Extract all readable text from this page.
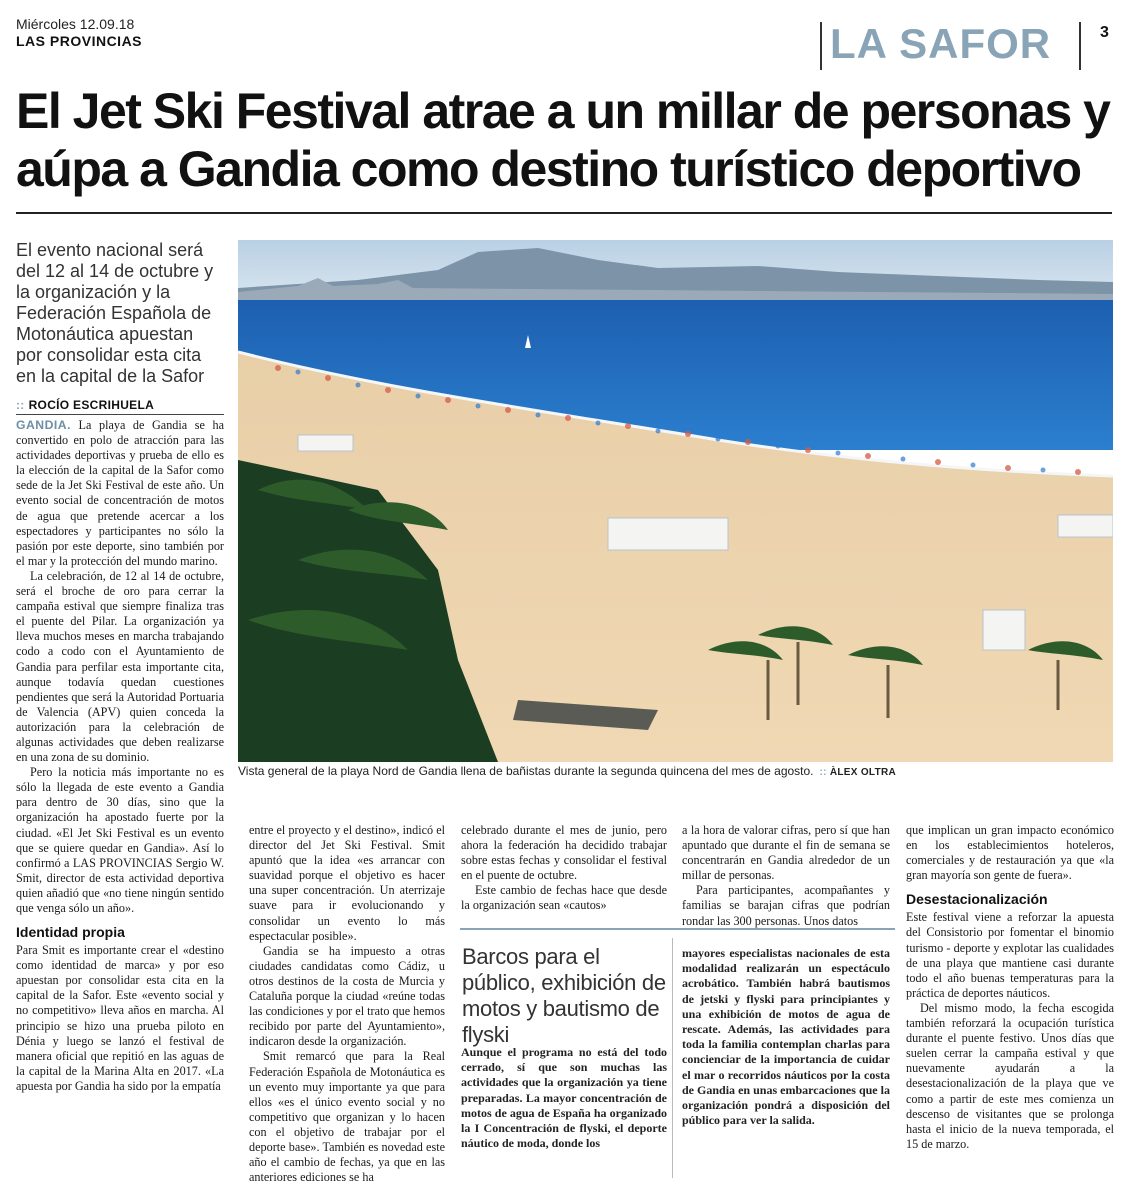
Miércoles 12.09.18
LAS PROVINCIAS	LA SAFOR	3
El Jet Ski Festival atrae a un millar de personas y
aúpa a Gandia como destino turístico deportivo
El evento nacional será del 12 al 14 de octubre y la organización y la Federación Española de Motonáutica apuestan por consolidar esta cita en la capital de la Safor
:: ROCÍO ESCRIHUELA
Vista general de la playa Nord de Gandia llena de bañistas durante la segunda quincena del mes de agosto. :: ÀLEX OLTRA

GANDIA. La playa de Gandia se ha convertido en polo de atracción para las actividades deportivas y prueba de ello es la elección de la capital de la Safor como sede de la Jet Ski Festival de este año. Un evento social de concentración de motos de agua que pretende acercar a los espectadores y participantes no sólo la pasión por este deporte, sino también por el mar y la protección del mundo marino.

La celebración, de 12 al 14 de octubre, será el broche de oro para cerrar la campaña estival que siempre finaliza tras el puente del Pilar. La organización ya lleva muchos meses en marcha trabajando codo a codo con el Ayuntamiento de Gandia para perfilar esta importante cita, aunque todavía quedan cuestiones pendientes que será la Autoridad Portuaria de Valencia (APV) quien conceda la autorización para la celebración de algunas actividades que deben realizarse en una zona de su dominio.

Pero la noticia más importante no es sólo la llegada de este evento a Gandia para dentro de 30 días, sino que la organización ha apostado fuerte por la ciudad. «El Jet Ski Festival es un evento que se quiere quedar en Gandia». Así lo confirmó a LAS PROVINCIAS Sergio W. Smit, director de esta actividad deportiva quien añadió que «no tiene ningún sentido que venga sólo un año».

Identidad propia

Para Smit es importante crear el «destino como identidad de marca» y por eso apuestan por consolidar esta cita en la capital de la Safor. Este «evento social y no competitivo» lleva años en marcha. Al principio se hizo una prueba piloto en Dénia y luego se lanzó el festival de manera oficial que repitió en las aguas de la capital de la Marina Alta en 2017. «La apuesta por Gandia ha sido por la empatía

entre el proyecto y el destino», indicó el director del Jet Ski Festival. Smit apuntó que la idea «es arrancar con suavidad porque el objetivo es hacer una super concentración. Un aterrizaje suave para ir evolucionando y consolidar un evento lo más espectacular posible».

Gandia se ha impuesto a otras ciudades candidatas como Cádiz, u otros destinos de la costa de Murcia y Cataluña porque la ciudad «reúne todas las condiciones y por el trato que hemos recibido por parte del Ayuntamiento», indicaron desde la organización.

Smit remarcó que para la Real Federación Española de Motonáutica es un evento muy importante ya que para ellos «es el único evento social y no competitivo que organizan y lo hacen con el objetivo de trabajar por el deporte base». También es novedad este año el cambio de fechas, ya que en las anteriores ediciones se ha

celebrado durante el mes de junio, pero ahora la federación ha decidido trabajar sobre estas fechas y consolidar el festival en el puente de octubre.

Este cambio de fechas hace que desde la organización sean «cautos»

a la hora de valorar cifras, pero sí que han apuntado que durante el fin de semana se concentrarán en Gandia alrededor de un millar de personas.

Para participantes, acompañantes y familias se barajan cifras que podrían rondar las 300 personas. Unos datos

que implican un gran impacto económico en los establecimientos hoteleros, comerciales y de restauración ya que «la gran mayoría son gente de fuera».

Desestacionalización

Este festival viene a reforzar la apuesta del Consistorio por fomentar el binomio turismo - deporte y explotar las cualidades de una playa que mantiene casi durante todo el año buenas temperaturas para la práctica de deportes náuticos.

Del mismo modo, la fecha escogida también reforzará la ocupación turística durante el puente festivo. Unos días que suelen cerrar la campaña estival y que nuevamente ayudarán a la desestacionalización de la playa que ve como a partir de este mes comienza un descenso de visitantes que se prolonga hasta el inicio de la nueva temporada, el 15 de marzo.

Barcos para el público, exhibición de motos y bautismo de flyski
Aunque el programa no está del todo cerrado, sí que son muchas las actividades que la organización ya tiene preparadas. La mayor concentración de motos de agua de España ha organizado la I Concentración de flyski, el deporte náutico de moda, donde los
mayores especialistas nacionales de esta modalidad realizarán un espectáculo acrobático. También habrá bautismos de jetski y flyski para principiantes y una exhibición de motos de agua de rescate. Además, las actividades para toda la familia contemplan charlas para concienciar de la importancia de cuidar el mar o recorridos náuticos por la costa de Gandia en unas embarcaciones que la organización pondrá a disposición del público para ver la salida.
